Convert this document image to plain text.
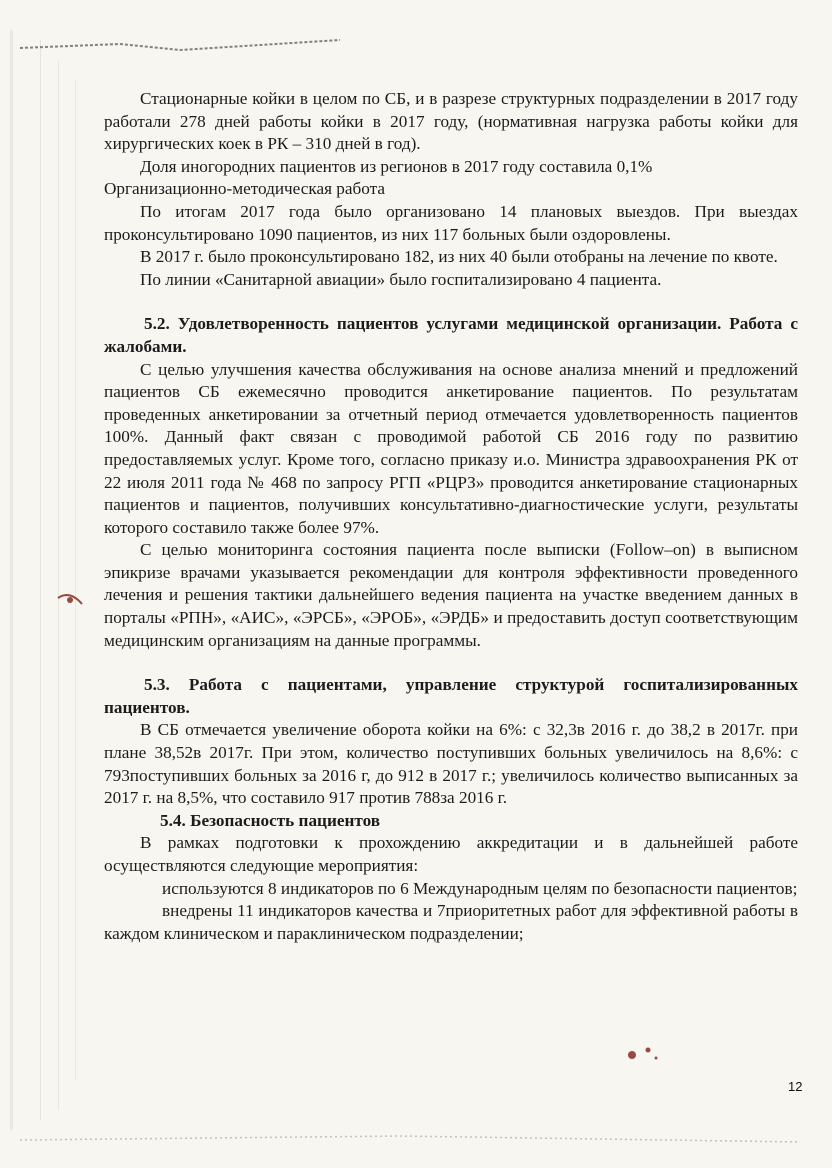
Стационарные койки в целом по СБ, и в разрезе структурных подразделении в 2017 году работали 278 дней работы койки в 2017 году, (нормативная нагрузка работы койки для хирургических коек в РК – 310 дней в год).

Доля иногородних пациентов из регионов в 2017 году составила 0,1%

Организационно-методическая работа

По итогам 2017 года было организовано 14 плановых выездов. При выездах проконсультировано 1090 пациентов, из них 117 больных были оздоровлены.

В 2017 г. было проконсультировано 182, из них 40 были отобраны на лечение по квоте.

По линии «Санитарной авиации» было госпитализировано 4 пациента.

5.2. Удовлетворенность пациентов услугами медицинской организации. Работа с жалобами.

С целью улучшения качества обслуживания на основе анализа мнений и предложений пациентов СБ ежемесячно проводится анкетирование пациентов. По результатам проведенных анкетировании за отчетный период отмечается удовлетворенность пациентов 100%. Данный факт связан с проводимой работой СБ 2016 году по развитию предоставляемых услуг. Кроме того, согласно приказу и.о. Министра здравоохранения РК от 22 июля 2011 года № 468 по запросу РГП «РЦРЗ» проводится анкетирование стационарных пациентов и пациентов, получивших консультативно-диагностические услуги, результаты которого составило также более 97%.

С целью мониторинга состояния пациента после выписки (Follow–on) в выписном эпикризе врачами указывается рекомендации для контроля эффективности проведенного лечения и решения тактики дальнейшего ведения пациента на участке введением данных в порталы «РПН», «АИС», «ЭРСБ», «ЭРОБ», «ЭРДБ» и предоставить доступ соответствующим медицинским организациям на данные программы.

5.3. Работа с пациентами, управление структурой госпитализированных пациентов.

В СБ отмечается увеличение оборота койки на 6%: с 32,3в 2016 г. до 38,2 в 2017г. при плане 38,52в 2017г. При этом, количество поступивших больных увеличилось на 8,6%: с 793поступивших больных за 2016 г, до 912 в 2017 г.; увеличилось количество выписанных за 2017 г. на 8,5%, что составило 917 против 788за 2016 г.

5.4. Безопасность пациентов

В рамках подготовки к прохождению аккредитации и в дальнейшей работе осуществляются следующие мероприятия:

используются 8 индикаторов по 6 Международным целям по безопасности пациентов;

внедрены 11 индикаторов качества и 7приоритетных работ для эффективной работы в каждом клиническом и параклиническом подразделении;

12
